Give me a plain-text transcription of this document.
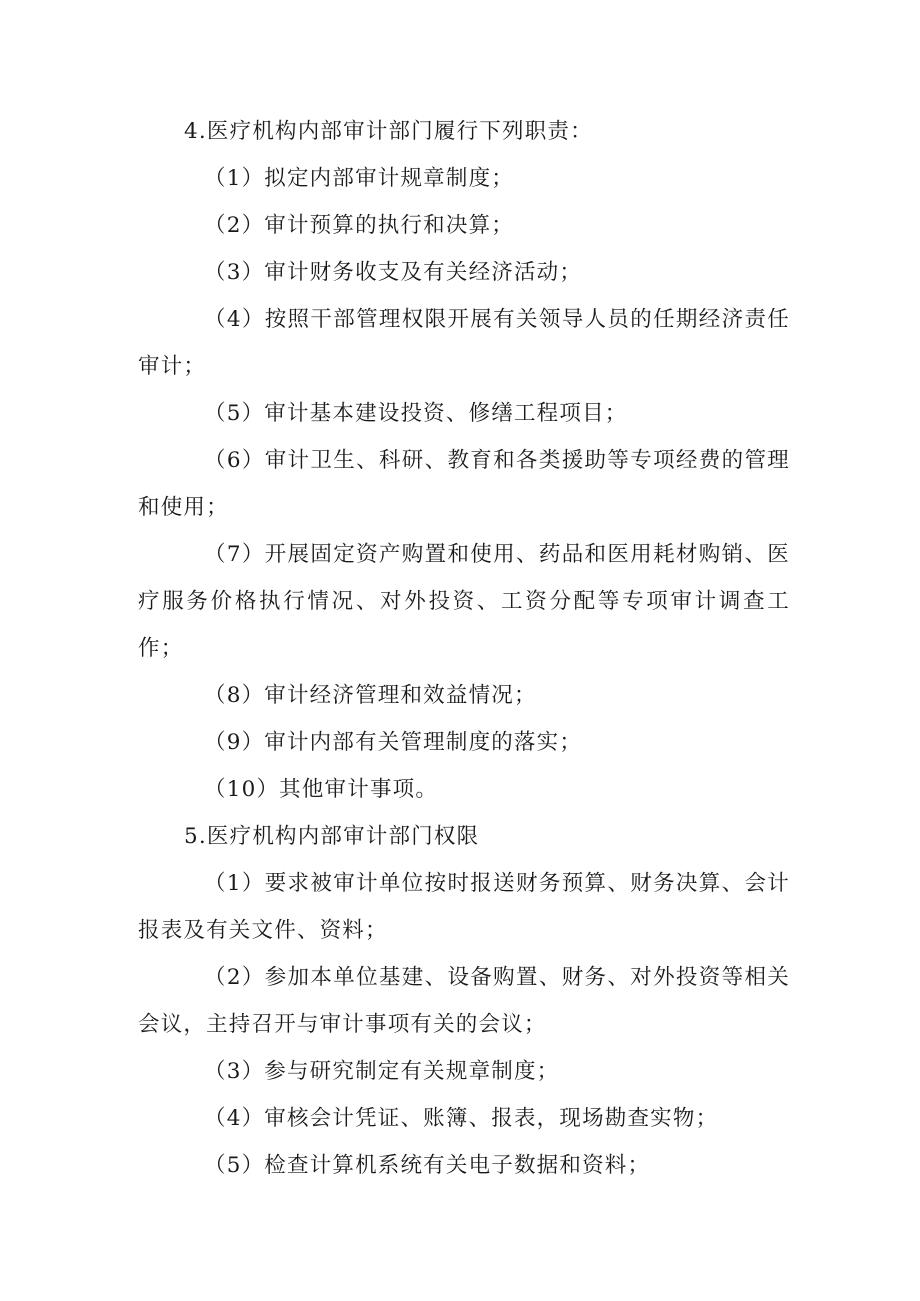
4.医疗机构内部审计部门履行下列职责：

（1）拟定内部审计规章制度；

（2）审计预算的执行和决算；

（3）审计财务收支及有关经济活动；

（4）按照干部管理权限开展有关领导人员的任期经济责任审计；

（5）审计基本建设投资、修缮工程项目；

（6）审计卫生、科研、教育和各类援助等专项经费的管理和使用；

（7）开展固定资产购置和使用、药品和医用耗材购销、医疗服务价格执行情况、对外投资、工资分配等专项审计调查工作；

（8）审计经济管理和效益情况；

（9）审计内部有关管理制度的落实；

（10）其他审计事项。

5.医疗机构内部审计部门权限

（1）要求被审计单位按时报送财务预算、财务决算、会计报表及有关文件、资料；

（2）参加本单位基建、设备购置、财务、对外投资等相关会议，主持召开与审计事项有关的会议；

（3）参与研究制定有关规章制度；

（4）审核会计凭证、账簿、报表，现场勘查实物；

（5）检查计算机系统有关电子数据和资料；
